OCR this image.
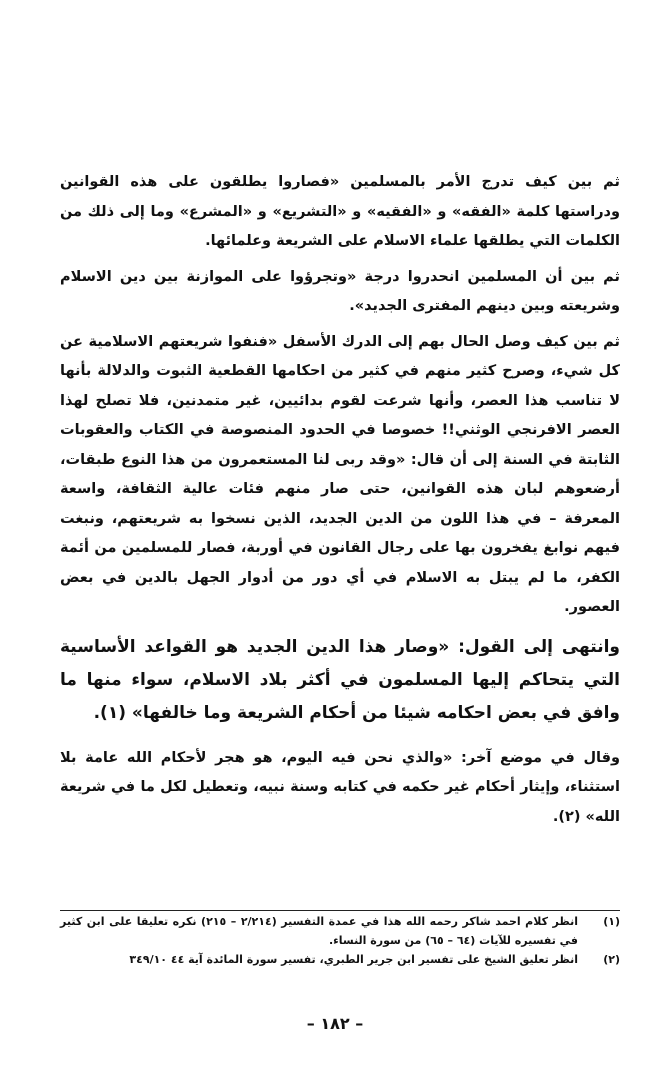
ثم بين كيف تدرج الأمر بالمسلمين «فصاروا يطلقون على هذه القوانين ودراستها كلمة «الفقه» و «الفقيه» و «التشريع» و «المشرع» وما إلى ذلك من الكلمات التي يطلقها علماء الاسلام على الشريعة وعلمائها.

ثم بين أن المسلمين انحدروا درجة «وتجرؤوا على الموازنة بين دين الاسلام وشريعته وبين دينهم المفترى الجديد».

ثم بين كيف وصل الحال بهم إلى الدرك الأسفل «فنفوا شريعتهم الاسلامية عن كل شيء، وصرح كثير منهم في كثير من احكامها القطعية الثبوت والدلالة بأنها لا تناسب هذا العصر، وأنها شرعت لقوم بدائيين، غير متمدنين، فلا تصلح لهذا العصر الافرنجي الوثني!! خصوصا في الحدود المنصوصة في الكتاب والعقوبات الثابتة في السنة إلى أن قال: «وقد ربى لنا المستعمرون من هذا النوع طبقات، أرضعوهم لبان هذه القوانين، حتى صار منهم فئات عالية الثقافة، واسعة المعرفة – في هذا اللون من الدين الجديد، الذين نسخوا به شريعتهم، ونبغت فيهم نوابغ يفخرون بها على رجال القانون في أوربة، فصار للمسلمين من أئمة الكفر، ما لم يبتل به الاسلام في أي دور من أدوار الجهل بالدين في بعض العصور.

وانتهى إلى القول: «وصار هذا الدين الجديد هو القواعد الأساسية التي يتحاكم إليها المسلمون في أكثر بلاد الاسلام، سواء منها ما وافق في بعض احكامه شيئا من أحكام الشريعة وما خالفها» (١).

وقال في موضع آخر: «والذي نحن فيه اليوم، هو هجر لأحكام الله عامة بلا استثناء، وإيثار أحكام غير حكمه في كتابه وسنة نبيه، وتعطيل لكل ما في شريعة الله» (٢).

(١)
انظر كلام احمد شاكر رحمه الله هذا في عمدة التفسير (٢/٢١٤ – ٢١٥) نكره تعليقا على ابن كثير في تفسيره للآيات (٦٤ – ٦٥) من سورة النساء.
(٢)
انظر تعليق الشيخ على تفسير ابن جرير الطبري، تفسير سورة المائدة آية ٤٤ ٣٤٩/١٠
– ١٨٢ –
